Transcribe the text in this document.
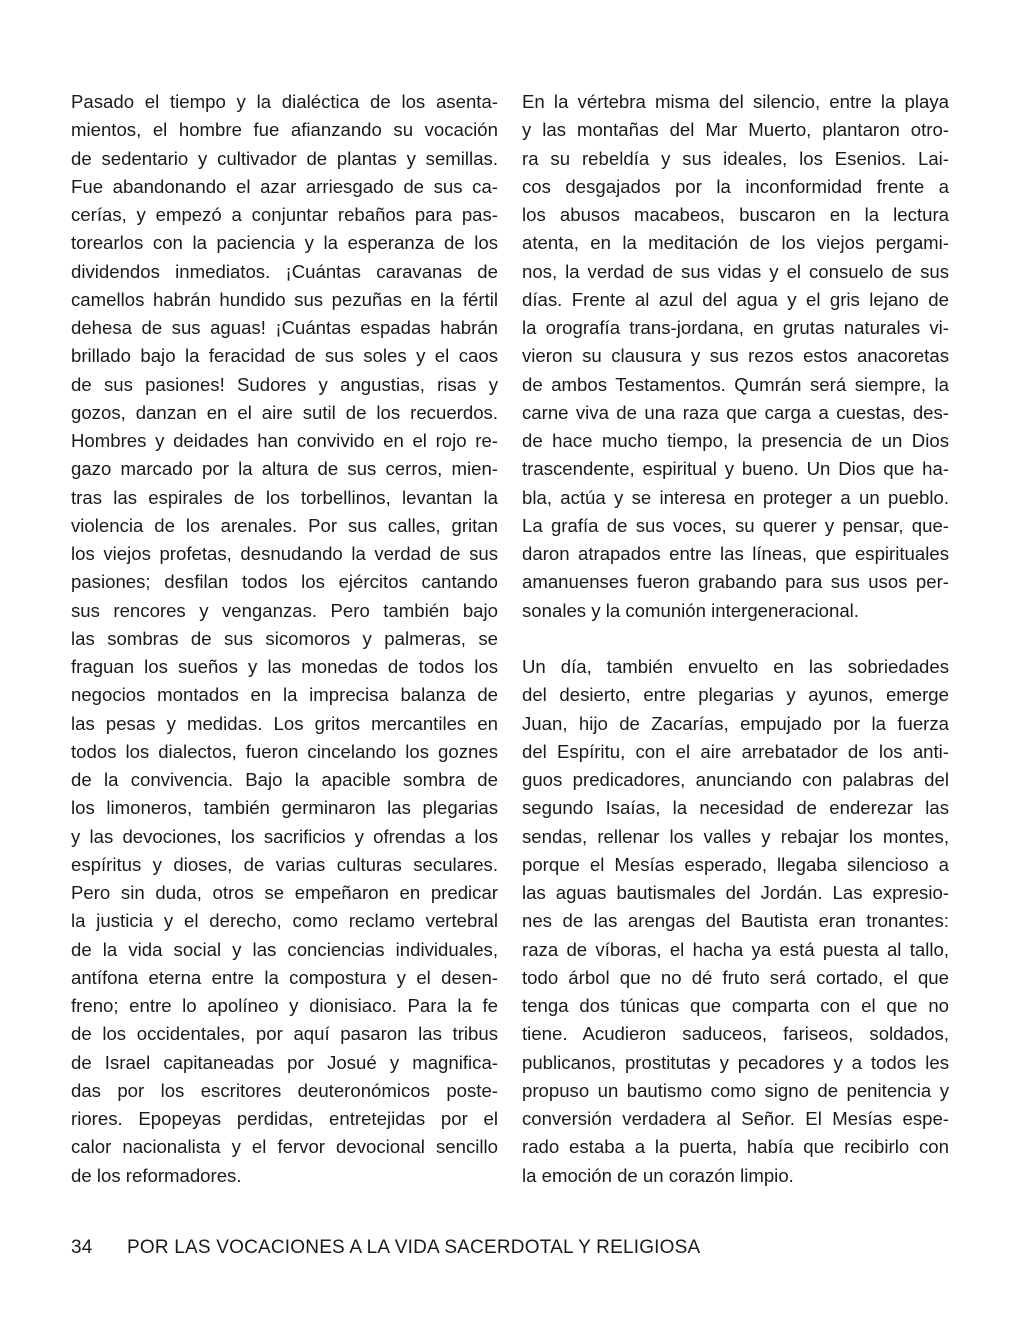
Pasado el tiempo y la dialéctica de los asenta-
mientos, el hombre fue afianzando su vocación
de sedentario y cultivador de plantas y semillas.
Fue abandonando el azar arriesgado de sus ca-
cerías, y empezó a conjuntar rebaños para pas-
torearlos con la paciencia y la esperanza de los
dividendos inmediatos. ¡Cuántas caravanas de
camellos habrán hundido sus pezuñas en la fértil
dehesa de sus aguas! ¡Cuántas espadas habrán
brillado bajo la feracidad de sus soles y el caos
de sus pasiones! Sudores y angustias, risas y
gozos, danzan en el aire sutil de los recuerdos.
Hombres y deidades han convivido en el rojo re-
gazo marcado por la altura de sus cerros, mien-
tras las espirales de los torbellinos, levantan la
violencia de los arenales. Por sus calles, gritan
los viejos profetas, desnudando la verdad de sus
pasiones; desfilan todos los ejércitos cantando
sus rencores y venganzas. Pero también bajo
las sombras de sus sicomoros y palmeras, se
fraguan los sueños y las monedas de todos los
negocios montados en la imprecisa balanza de
las pesas y medidas. Los gritos mercantiles en
todos los dialectos, fueron cincelando los goznes
de la convivencia. Bajo la apacible sombra de
los limoneros, también germinaron las plegarias
y las devociones, los sacrificios y ofrendas a los
espíritus y dioses, de varias culturas seculares.
Pero sin duda, otros se empeñaron en predicar
la justicia y el derecho, como reclamo vertebral
de la vida social y las conciencias individuales,
antífona eterna entre la compostura y el desen-
freno; entre lo apolíneo y dionisiaco. Para la fe
de los occidentales, por aquí pasaron las tribus
de Israel capitaneadas por Josué y magnifica-
das por los escritores deuteronómicos poste-
riores. Epopeyas perdidas, entretejidas por el
calor nacionalista y el fervor devocional sencillo
de los reformadores.
En la vértebra misma del silencio, entre la playa
y las montañas del Mar Muerto, plantaron otro-
ra su rebeldía y sus ideales, los Esenios. Lai-
cos desgajados por la inconformidad frente a
los abusos macabeos, buscaron en la lectura
atenta, en la meditación de los viejos pergami-
nos, la verdad de sus vidas y el consuelo de sus
días. Frente al azul del agua y el gris lejano de
la orografía trans-jordana, en grutas naturales vi-
vieron su clausura y sus rezos estos anacoretas
de ambos Testamentos. Qumrán será siempre, la
carne viva de una raza que carga a cuestas, des-
de hace mucho tiempo, la presencia de un Dios
trascendente, espiritual y bueno. Un Dios que ha-
bla, actúa y se interesa en proteger a un pueblo.
La grafía de sus voces, su querer y pensar, que-
daron atrapados entre las líneas, que espirituales
amanuenses fueron grabando para sus usos per-
sonales y la comunión intergeneracional.
Un día, también envuelto en las sobriedades
del desierto, entre plegarias y ayunos, emerge
Juan, hijo de Zacarías, empujado por la fuerza
del Espíritu, con el aire arrebatador de los anti-
guos predicadores, anunciando con palabras del
segundo Isaías, la necesidad de enderezar las
sendas, rellenar los valles y rebajar los montes,
porque el Mesías esperado, llegaba silencioso a
las aguas bautismales del Jordán. Las expresio-
nes de las arengas del Bautista eran tronantes:
raza de víboras, el hacha ya está puesta al tallo,
todo árbol que no dé fruto será cortado, el que
tenga dos túnicas que comparta con el que no
tiene. Acudieron saduceos, fariseos, soldados,
publicanos, prostitutas y pecadores y a todos les
propuso un bautismo como signo de penitencia y
conversión verdadera al Señor. El Mesías espe-
rado estaba a la puerta, había que recibirlo con
la emoción de un corazón limpio.
34 POR LAS VOCACIONES A LA VIDA SACERDOTAL Y RELIGIOSA
